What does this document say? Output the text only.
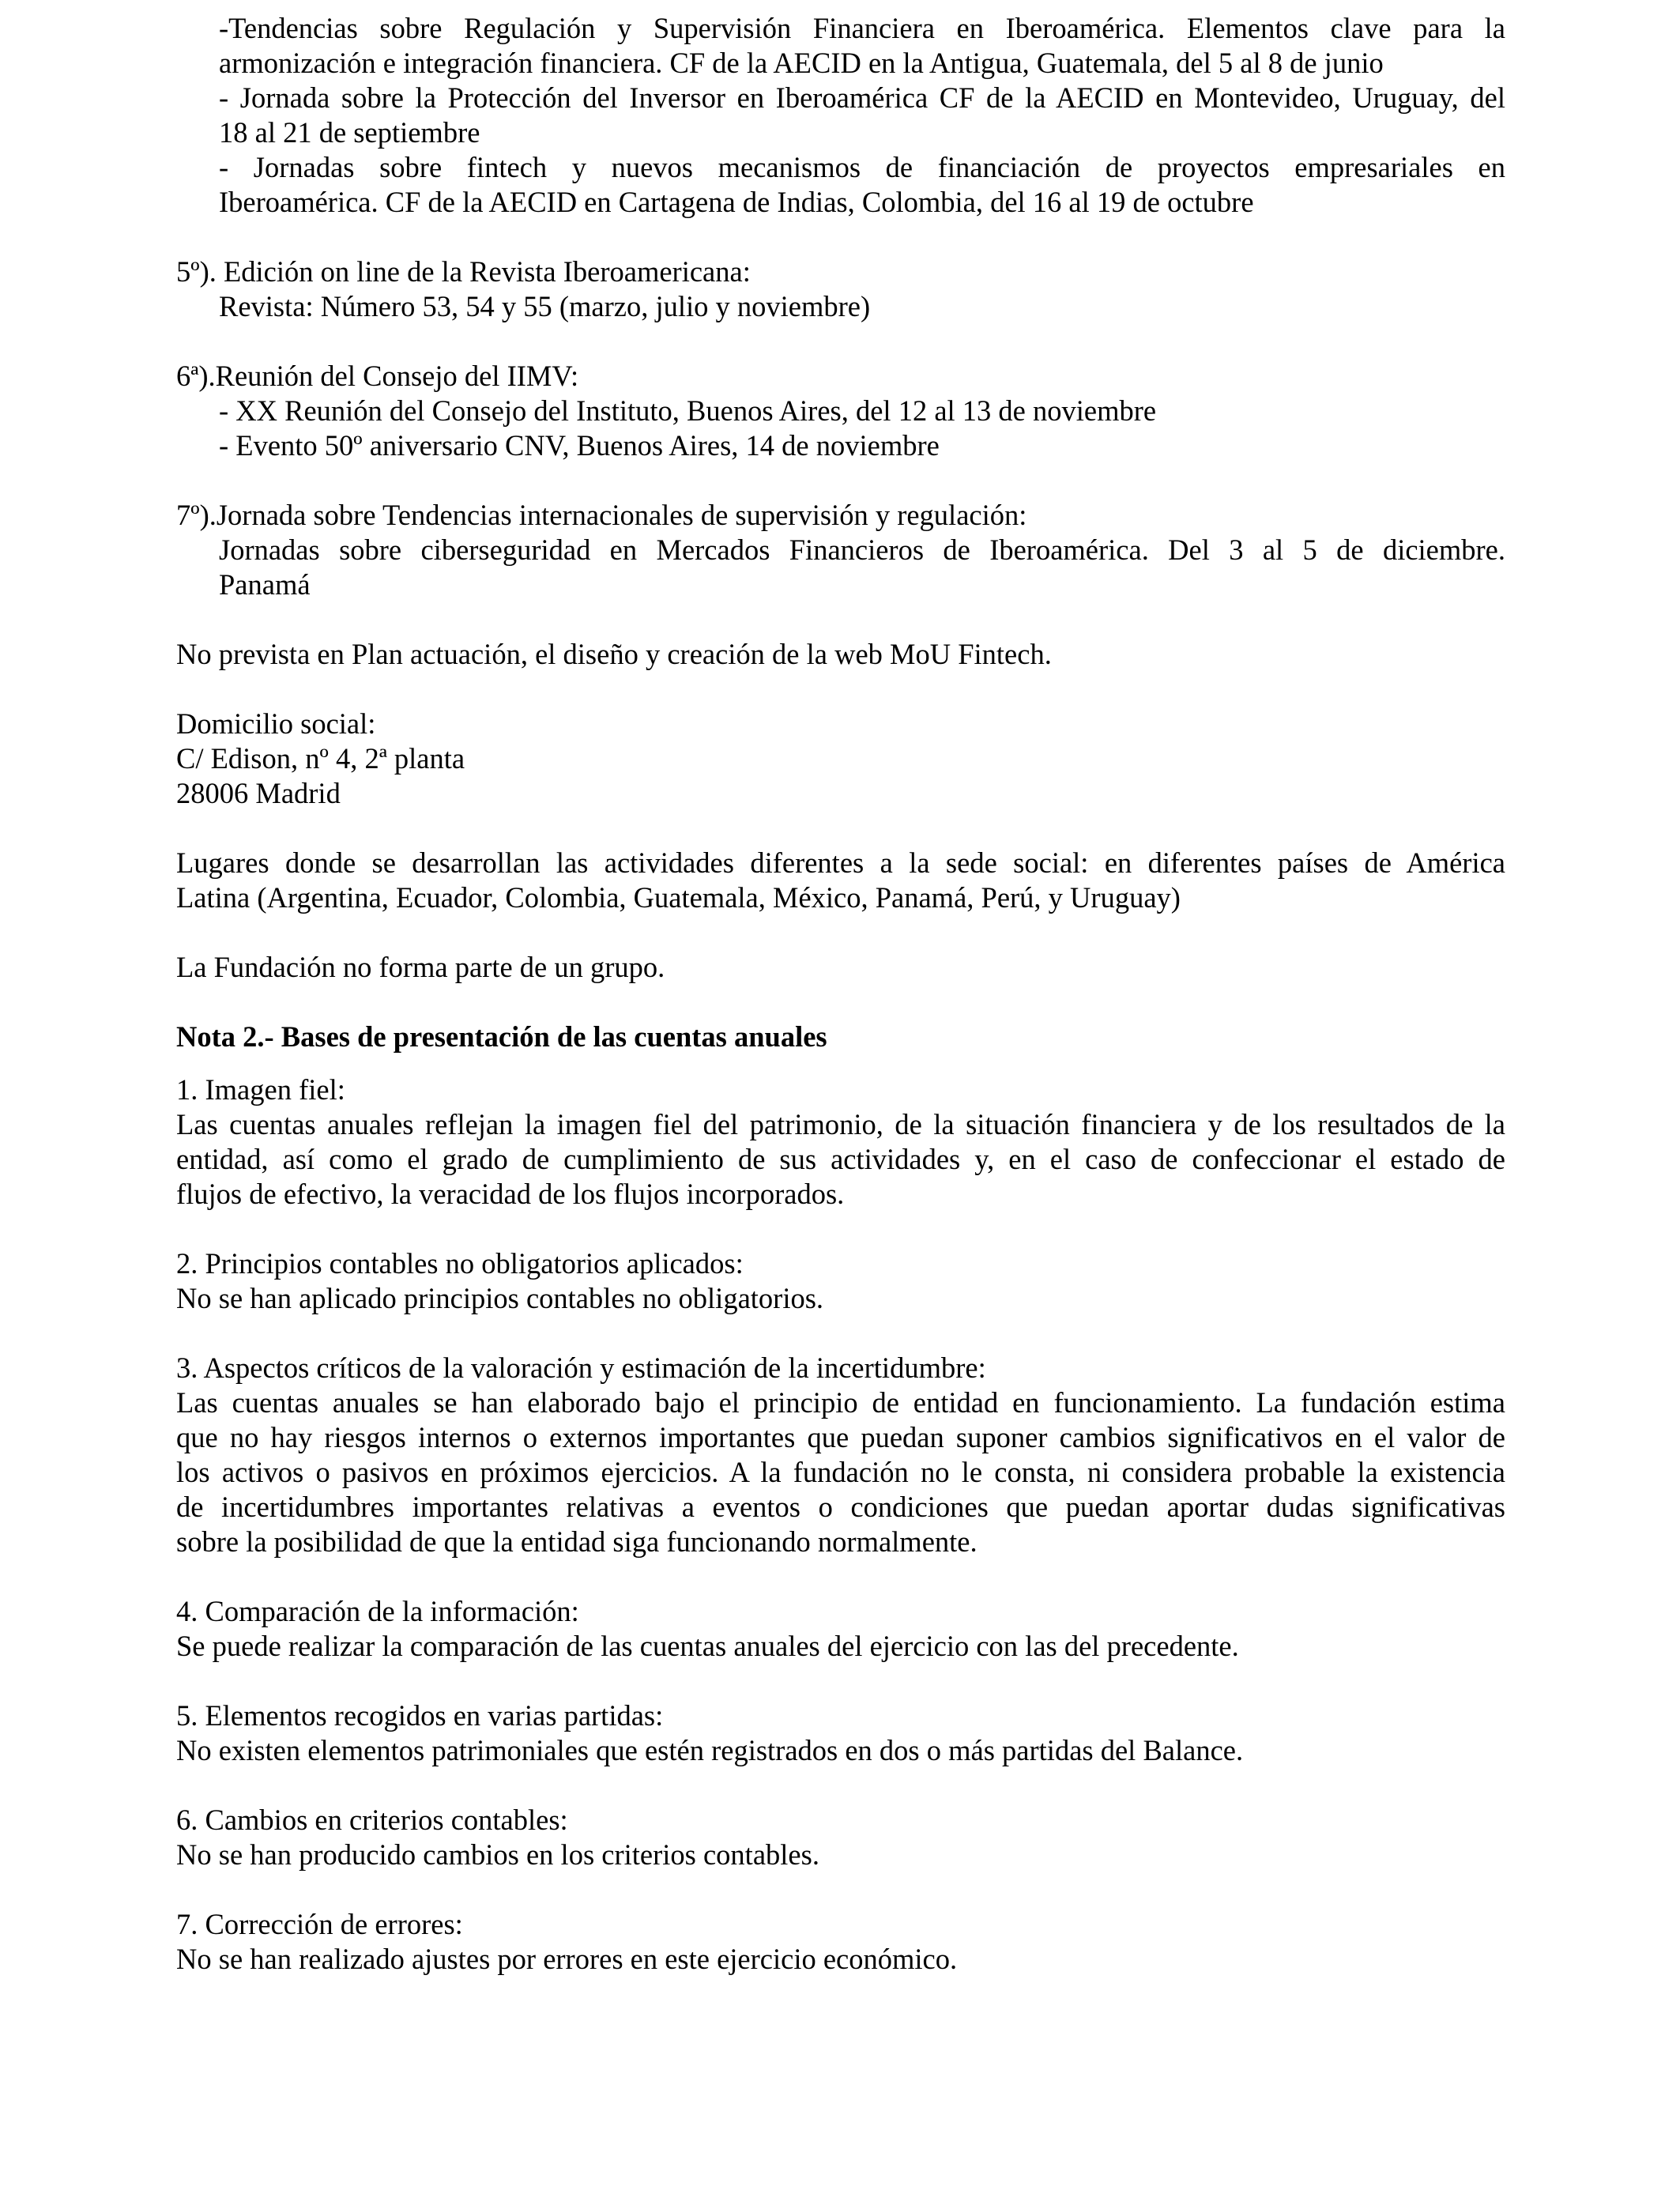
-Tendencias sobre Regulación y Supervisión Financiera en Iberoamérica. Elementos clave para la

armonización e integración financiera. CF de la AECID en la Antigua, Guatemala, del 5 al 8 de junio

- Jornada sobre la Protección del Inversor en Iberoamérica CF de la AECID en Montevideo, Uruguay, del

18 al 21 de septiembre

- Jornadas sobre fintech y nuevos mecanismos de financiación de proyectos empresariales en

Iberoamérica. CF de la AECID en Cartagena de Indias, Colombia, del 16 al 19 de octubre

5º). Edición on line de la Revista Iberoamericana:

Revista: Número 53, 54 y 55 (marzo, julio y noviembre)

6ª).Reunión del Consejo del IIMV:

- XX Reunión del Consejo del Instituto, Buenos Aires, del 12 al 13 de noviembre

- Evento 50º aniversario CNV, Buenos Aires, 14 de noviembre

7º).Jornada sobre Tendencias internacionales de supervisión y regulación:

Jornadas sobre ciberseguridad en Mercados Financieros de Iberoamérica. Del 3 al 5 de diciembre.

Panamá

No prevista en Plan actuación, el diseño y creación de la web MoU Fintech.

Domicilio social:

C/ Edison, nº 4, 2ª planta

28006 Madrid

Lugares donde se desarrollan las actividades diferentes a la sede social: en diferentes países de América

Latina (Argentina, Ecuador, Colombia, Guatemala, México, Panamá, Perú, y Uruguay)

La Fundación no forma parte de un grupo.

Nota 2.- Bases de presentación de las cuentas anuales

1. Imagen fiel:

Las cuentas anuales reflejan la imagen fiel del patrimonio, de la situación financiera y de los resultados de la

entidad, así como el grado de cumplimiento de sus actividades y, en el caso de confeccionar el estado de

flujos de efectivo, la veracidad de los flujos incorporados.

2. Principios contables no obligatorios aplicados:

No se han aplicado principios contables no obligatorios.

3. Aspectos críticos de la valoración y estimación de la incertidumbre:

Las cuentas anuales se han elaborado bajo el principio de entidad en funcionamiento. La fundación estima

que no hay riesgos internos o externos importantes que puedan suponer cambios significativos en el valor de

los activos o pasivos en próximos ejercicios. A la fundación no le consta, ni considera probable la existencia

de incertidumbres importantes relativas a eventos o condiciones que puedan aportar dudas significativas

sobre la posibilidad de que la entidad siga funcionando normalmente.

4. Comparación de la información:

Se puede realizar la comparación de las cuentas anuales del ejercicio con las del precedente.

5. Elementos recogidos en varias partidas:

No existen elementos patrimoniales que estén registrados en dos o más partidas del Balance.

6. Cambios en criterios contables:

No se han producido cambios en los criterios contables.

7. Corrección de errores:

No se han realizado ajustes por errores en este ejercicio económico.
